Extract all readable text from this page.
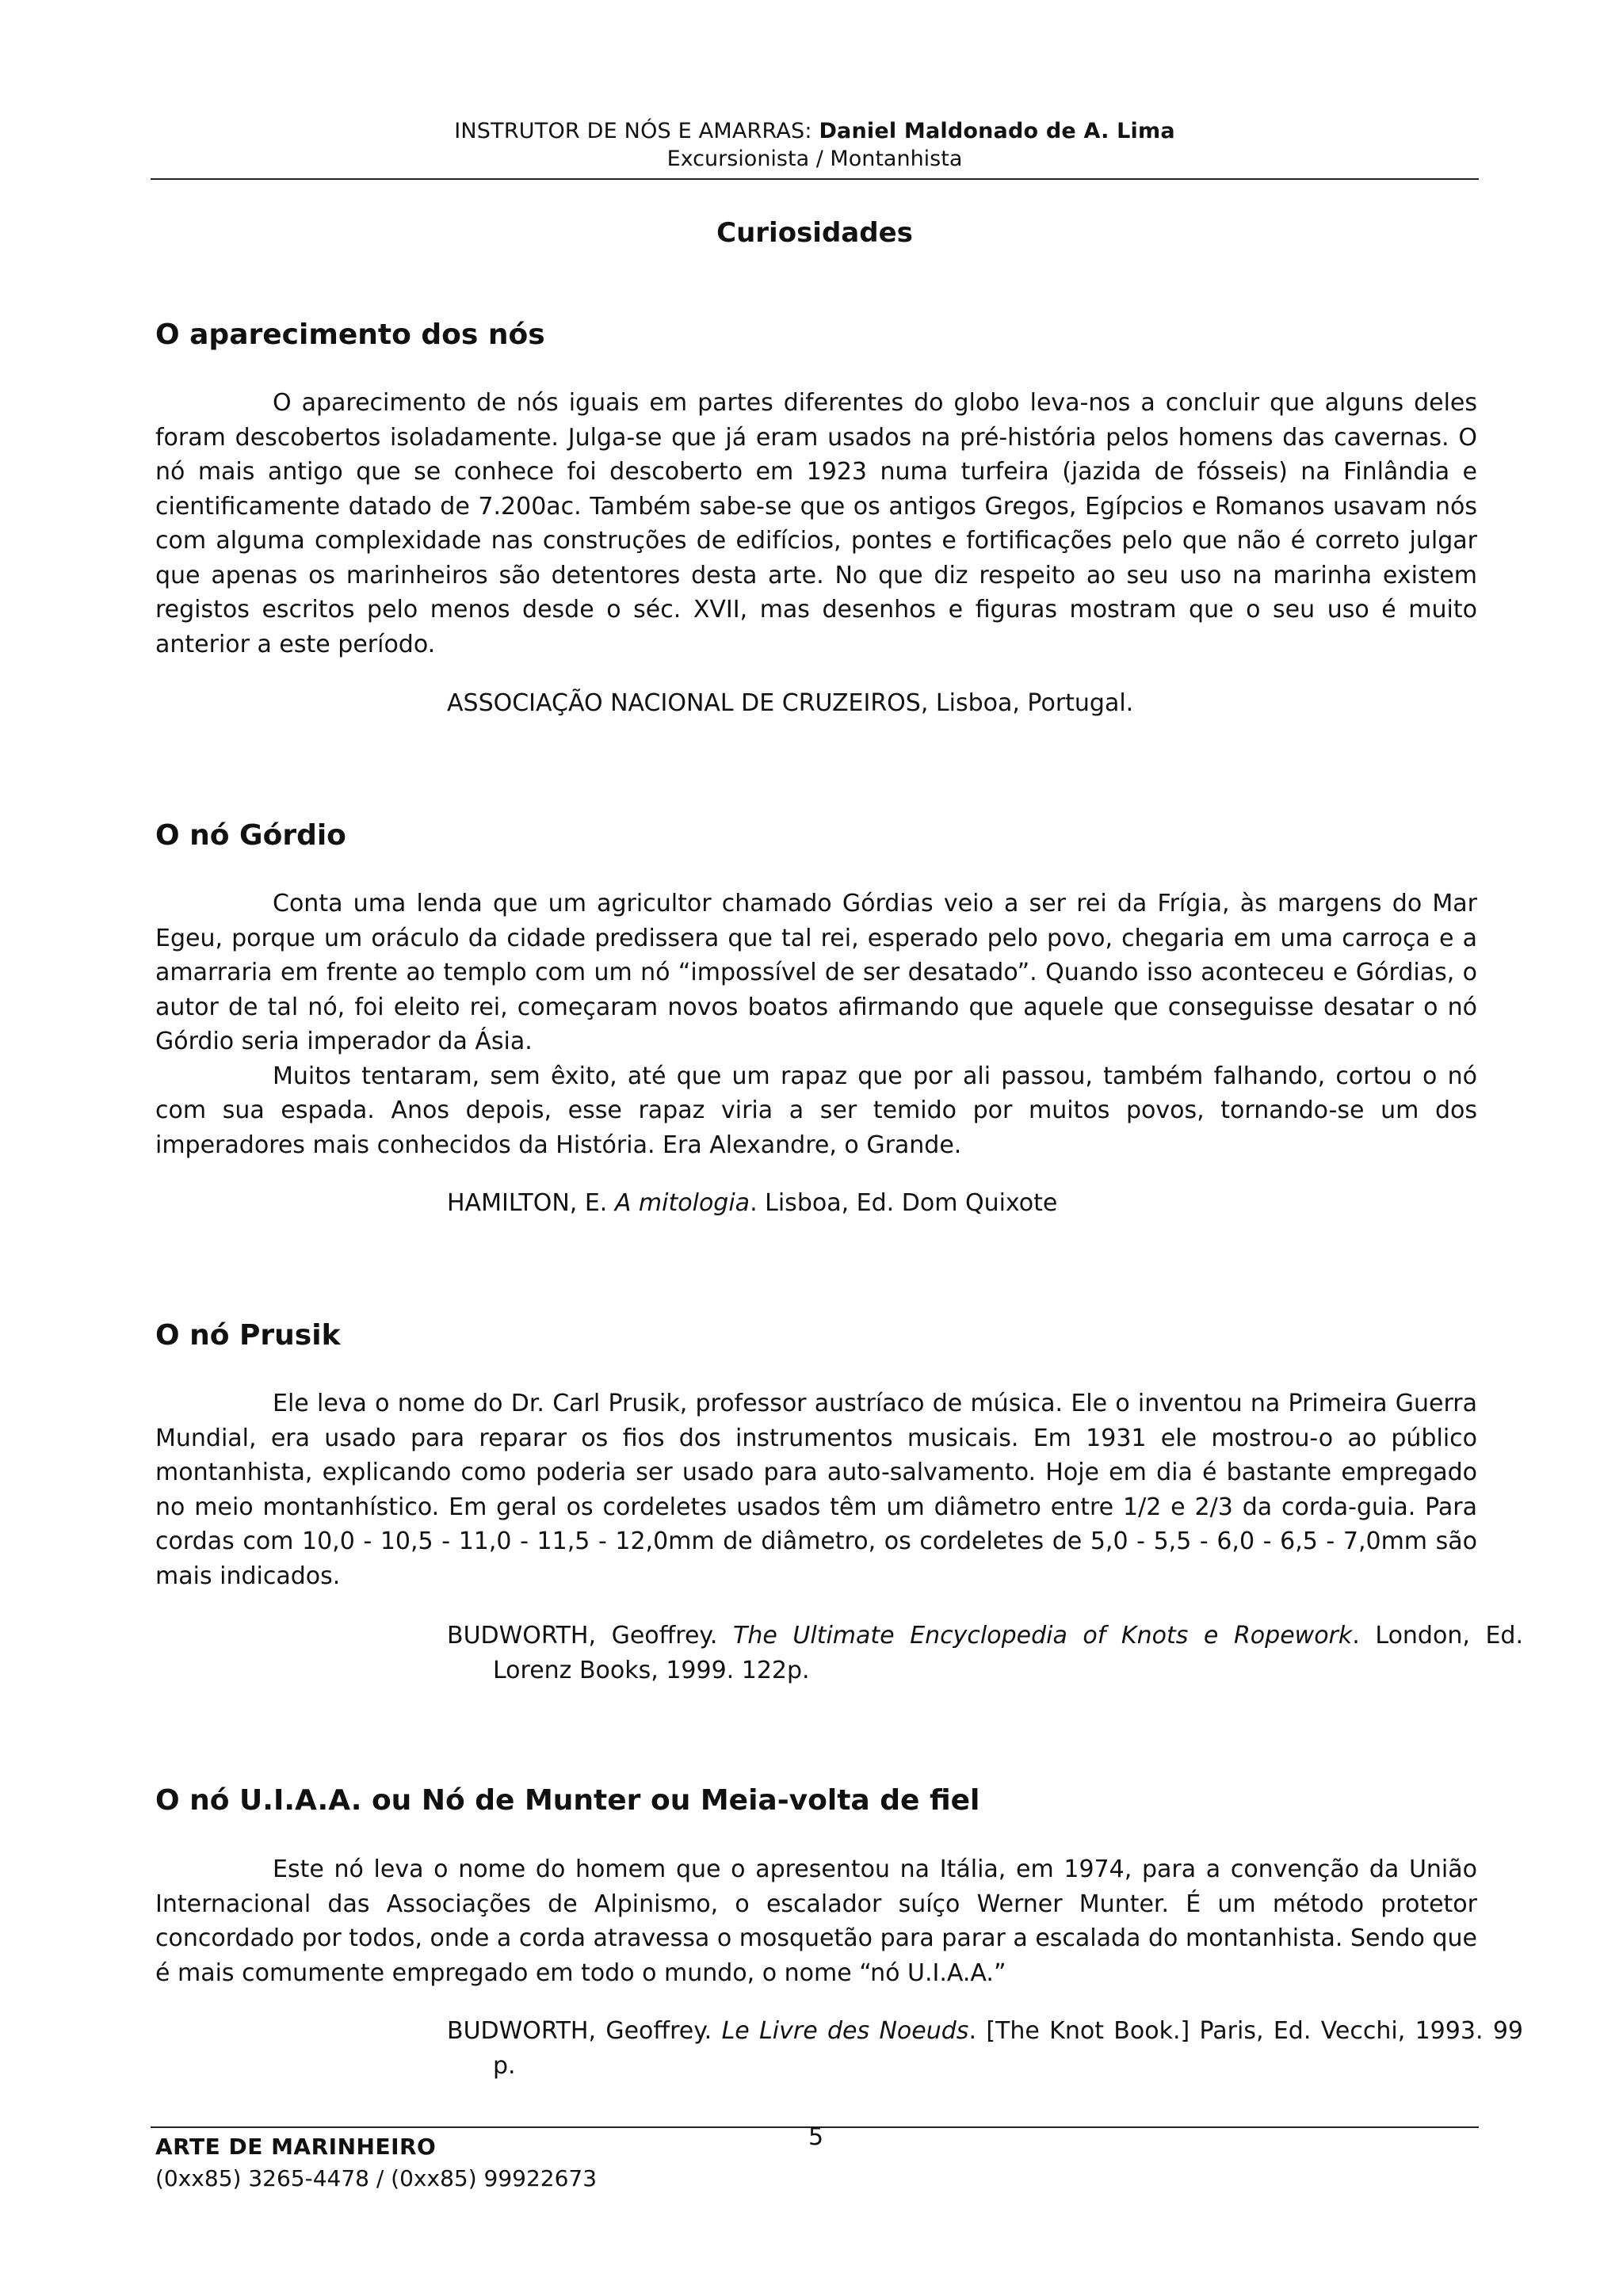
INSTRUTOR DE NÓS E AMARRAS: Daniel Maldonado de A. Lima
Excursionista / Montanhista
Curiosidades
O aparecimento dos nós

O aparecimento de nós iguais em partes diferentes do globo leva-nos a concluir que alguns deles foram descobertos isoladamente. Julga-se que já eram usados na pré-história pelos homens das cavernas. O nó mais antigo que se conhece foi descoberto em 1923 numa turfeira (jazida de fósseis) na Finlândia e cientificamente datado de 7.200ac. Também sabe-se que os antigos Gregos, Egípcios e Romanos usavam nós com alguma complexidade nas construções de edifícios, pontes e fortificações pelo que não é correto julgar que apenas os marinheiros são detentores desta arte. No que diz respeito ao seu uso na marinha existem registos escritos pelo menos desde o séc. XVII, mas desenhos e figuras mostram que o seu uso é muito anterior a este período.

ASSOCIAÇÃO NACIONAL DE CRUZEIROS, Lisboa, Portugal.
O nó Górdio

Conta uma lenda que um agricultor chamado Górdias veio a ser rei da Frígia, às margens do Mar Egeu, porque um oráculo da cidade predissera que tal rei, esperado pelo povo, chegaria em uma carroça e a amarraria em frente ao templo com um nó “impossível de ser desatado”. Quando isso aconteceu e Górdias, o autor de tal nó, foi eleito rei, começaram novos boatos afirmando que aquele que conseguisse desatar o nó Górdio seria imperador da Ásia.

Muitos tentaram, sem êxito, até que um rapaz que por ali passou, também falhando, cortou o nó com sua espada. Anos depois, esse rapaz viria a ser temido por muitos povos, tornando-se um dos imperadores mais conhecidos da História. Era Alexandre, o Grande.

HAMILTON, E. A mitologia. Lisboa, Ed. Dom Quixote
O nó Prusik

Ele leva o nome do Dr. Carl Prusik, professor austríaco de música. Ele o inventou na Primeira Guerra Mundial, era usado para reparar os fios dos instrumentos musicais. Em 1931 ele mostrou-o ao público montanhista, explicando como poderia ser usado para auto-salvamento. Hoje em dia é bastante empregado no meio montanhístico. Em geral os cordeletes usados têm um diâmetro entre 1/2 e 2/3 da corda-guia. Para cordas com 10,0 - 10,5 - 11,0 - 11,5 - 12,0mm de diâmetro, os cordeletes de 5,0 - 5,5 - 6,0 - 6,5 - 7,0mm são mais indicados.

BUDWORTH, Geoffrey. The Ultimate Encyclopedia of Knots e Ropework. London, Ed. Lorenz Books, 1999. 122p.
O nó U.I.A.A. ou Nó de Munter ou Meia-volta de fiel

Este nó leva o nome do homem que o apresentou na Itália, em 1974, para a convenção da União Internacional das Associações de Alpinismo, o escalador suíço Werner Munter. É um método protetor concordado por todos, onde a corda atravessa o mosquetão para parar a escalada do montanhista. Sendo que é mais comumente empregado em todo o mundo, o nome “nó U.I.A.A.”

BUDWORTH, Geoffrey. Le Livre des Noeuds. [The Knot Book.] Paris, Ed. Vecchi, 1993. 99 p.
ARTE DE MARINHEIRO
(0xx85) 3265-4478 / (0xx85) 99922673
5
